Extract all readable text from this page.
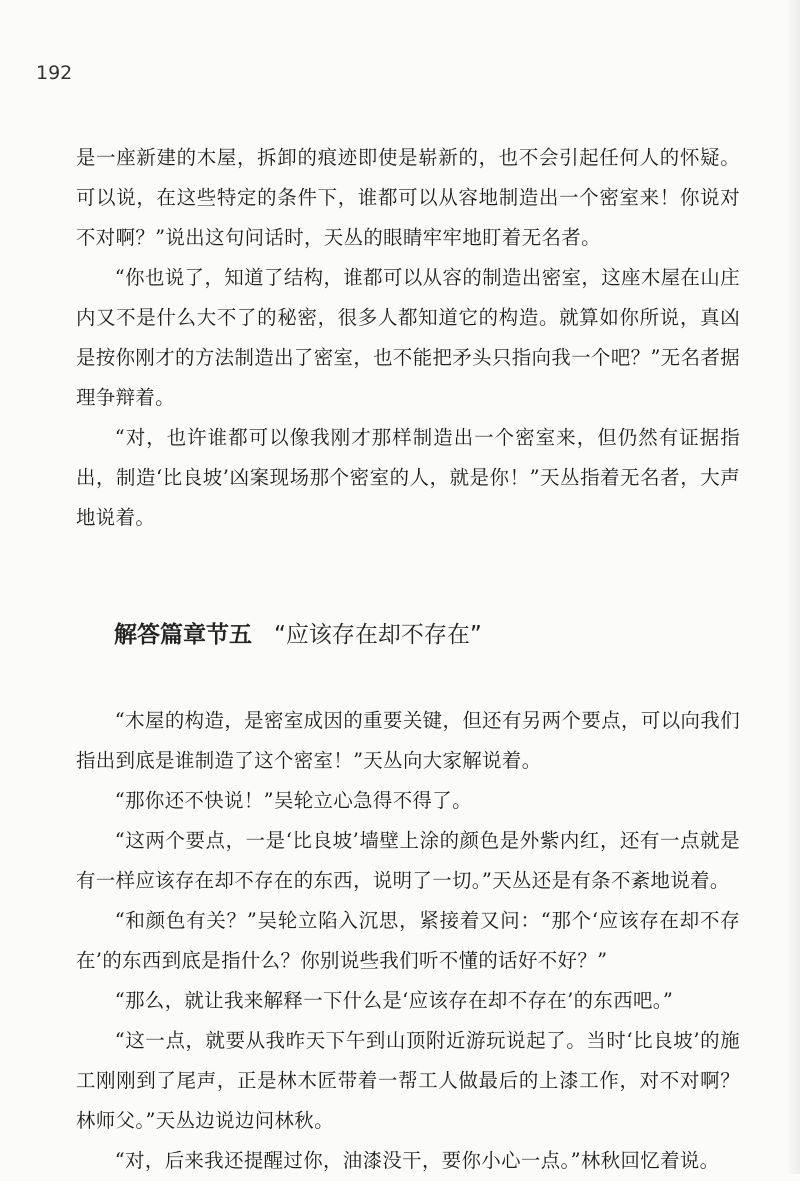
192

是一座新建的木屋，拆卸的痕迹即使是崭新的，也不会引起任何人的怀疑。可以说，在这些特定的条件下，谁都可以从容地制造出一个密室来！你说对不对啊？”说出这句问话时，天丛的眼睛牢牢地盯着无名者。

“你也说了，知道了结构，谁都可以从容的制造出密室，这座木屋在山庄内又不是什么大不了的秘密，很多人都知道它的构造。就算如你所说，真凶是按你刚才的方法制造出了密室，也不能把矛头只指向我一个吧？”无名者据理争辩着。

“对，也许谁都可以像我刚才那样制造出一个密室来，但仍然有证据指出，制造‘比良坡’凶案现场那个密室的人，就是你！”天丛指着无名者，大声地说着。

解答篇章节五 “应该存在却不存在”

“木屋的构造，是密室成因的重要关键，但还有另两个要点，可以向我们指出到底是谁制造了这个密室！”天丛向大家解说着。

“那你还不快说！”吴轮立心急得不得了。

“这两个要点，一是‘比良坡’墙壁上涂的颜色是外紫内红，还有一点就是有一样应该存在却不存在的东西，说明了一切。”天丛还是有条不紊地说着。

“和颜色有关？”吴轮立陷入沉思，紧接着又问：“那个‘应该存在却不存在’的东西到底是指什么？你别说些我们听不懂的话好不好？”

“那么，就让我来解释一下什么是‘应该存在却不存在’的东西吧。”

“这一点，就要从我昨天下午到山顶附近游玩说起了。当时‘比良坡’的施工刚刚到了尾声，正是林木匠带着一帮工人做最后的上漆工作，对不对啊？林师父。”天丛边说边问林秋。

“对，后来我还提醒过你，油漆没干，要你小心一点。”林秋回忆着说。
